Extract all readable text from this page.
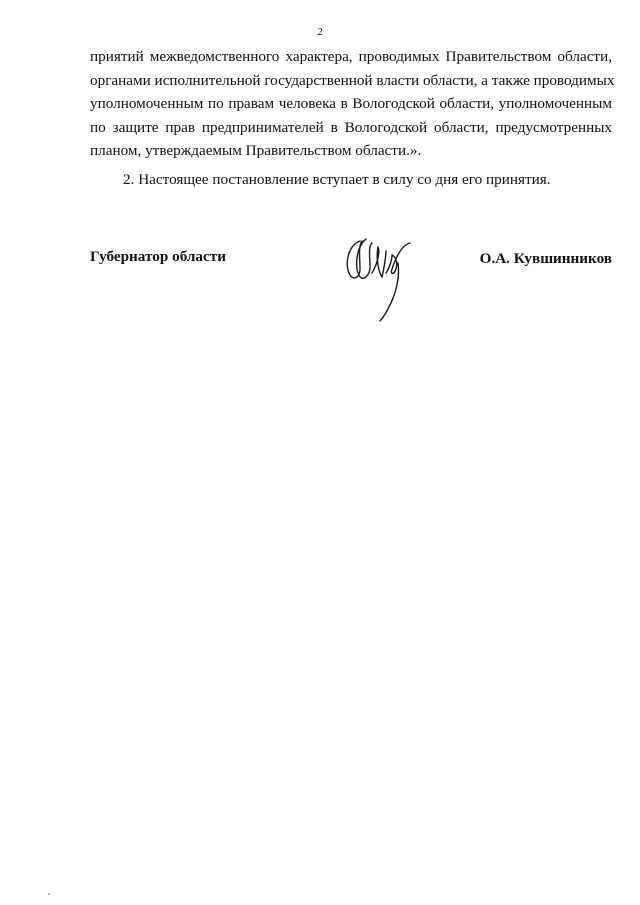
2
приятий межведомственного характера, проводимых Правительством области,
органами исполнительной государственной власти области, а также проводимых
уполномоченным по правам человека в Вологодской области, уполномоченным
по защите прав предпринимателей в Вологодской области, предусмотренных
планом, утверждаемым Правительством области.».
2. Настоящее постановление вступает в силу со дня его принятия.
Губернатор области	О.А. Кувшинников
